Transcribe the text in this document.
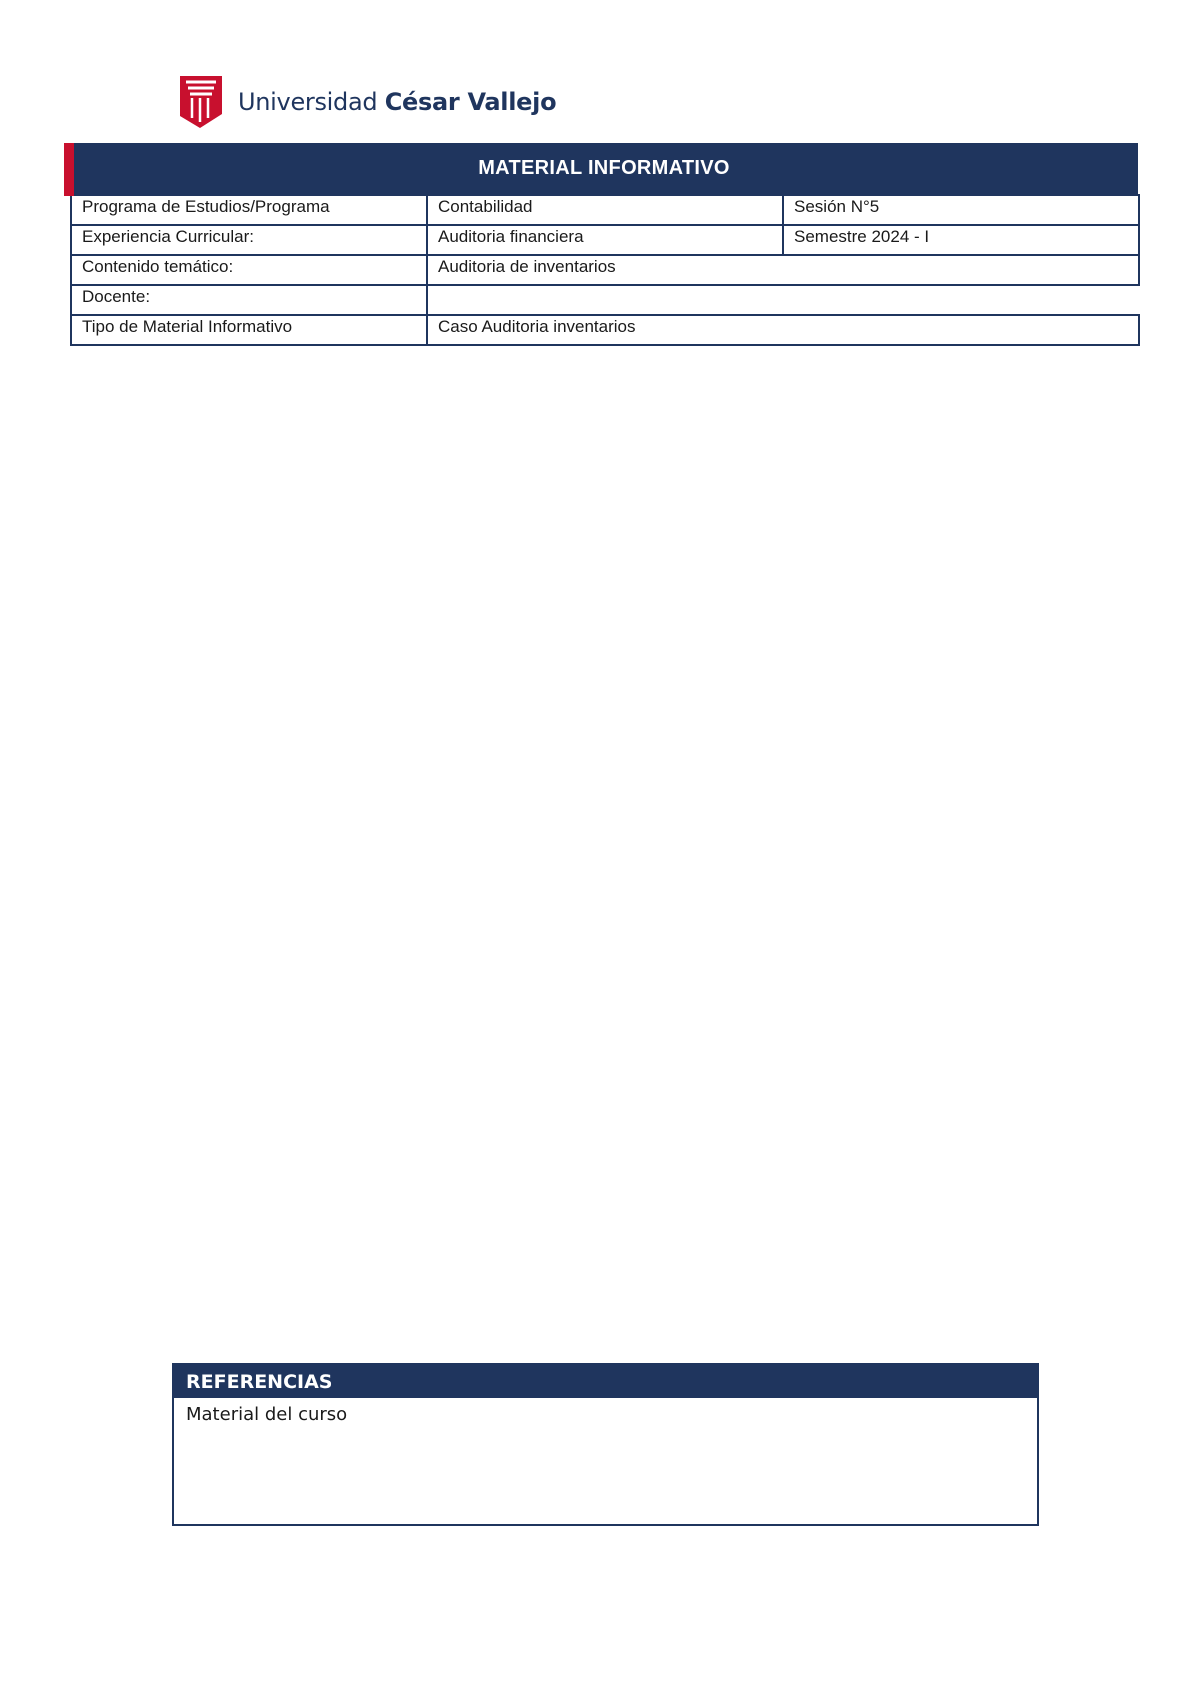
Universidad César Vallejo
MATERIAL INFORMATIVO
Programa de Estudios/Programa	Contabilidad	Sesión N°5
Experiencia Curricular:	Auditoria financiera	Semestre 2024 - I
Contenido temático:	Auditoria de inventarios	
Docente:		
Tipo de Material Informativo	Caso Auditoria inventarios	
REFERENCIAS
Material del curso
